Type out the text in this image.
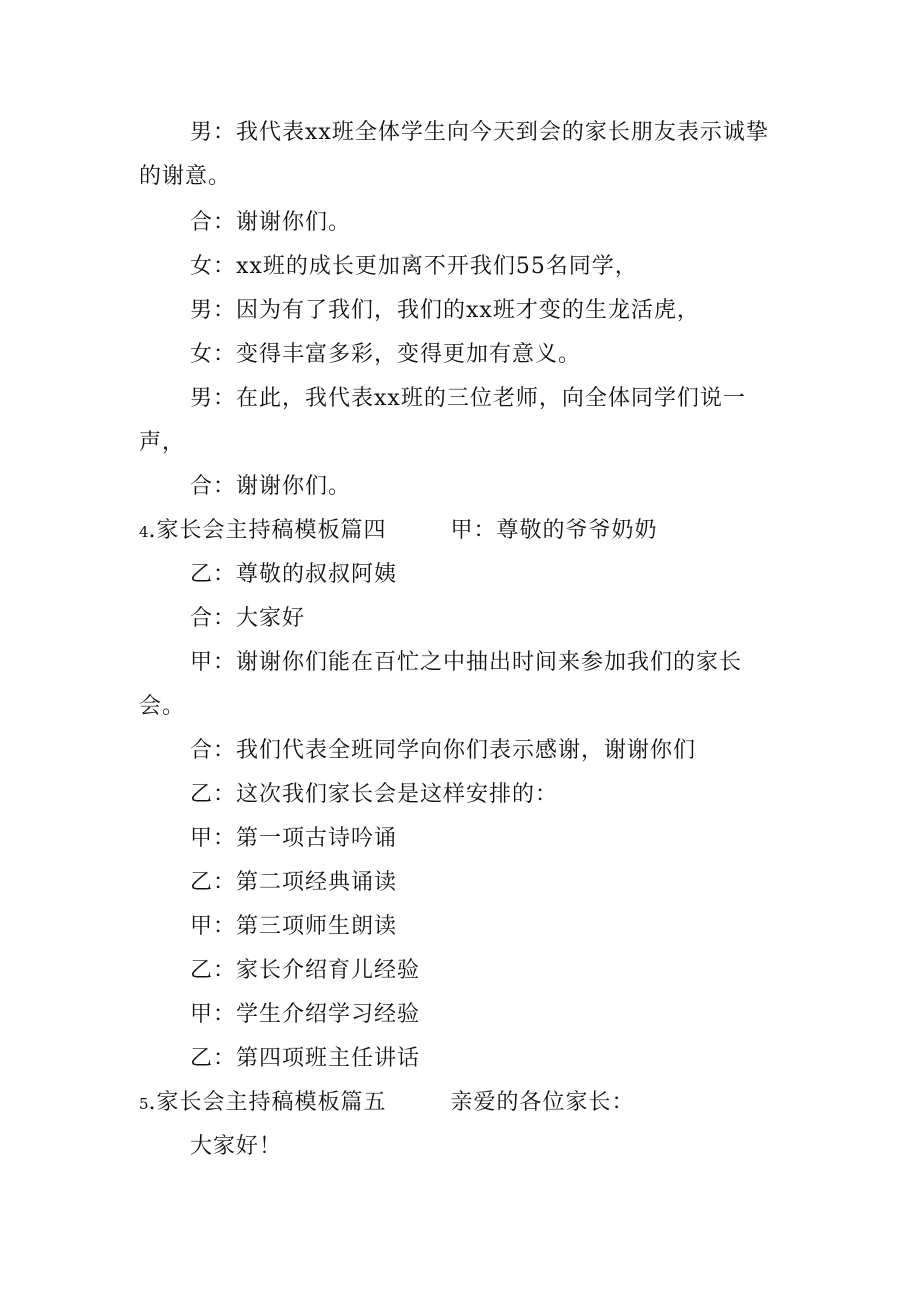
男：我代表xx班全体学生向今天到会的家长朋友表示诚挚
的谢意。
合：谢谢你们。
女：xx班的成长更加离不开我们55名同学，
男：因为有了我们，我们的xx班才变的生龙活虎，
女：变得丰富多彩，变得更加有意义。
男：在此，我代表xx班的三位老师，向全体同学们说一
声，
合：谢谢你们。
4.家长会主持稿模板篇四	甲：尊敬的爷爷奶奶
乙：尊敬的叔叔阿姨
合：大家好
甲：谢谢你们能在百忙之中抽出时间来参加我们的家长
会。
合：我们代表全班同学向你们表示感谢，谢谢你们
乙：这次我们家长会是这样安排的：
甲：第一项古诗吟诵
乙：第二项经典诵读
甲：第三项师生朗读
乙：家长介绍育儿经验
甲：学生介绍学习经验
乙：第四项班主任讲话
5.家长会主持稿模板篇五	亲爱的各位家长：
大家好！
